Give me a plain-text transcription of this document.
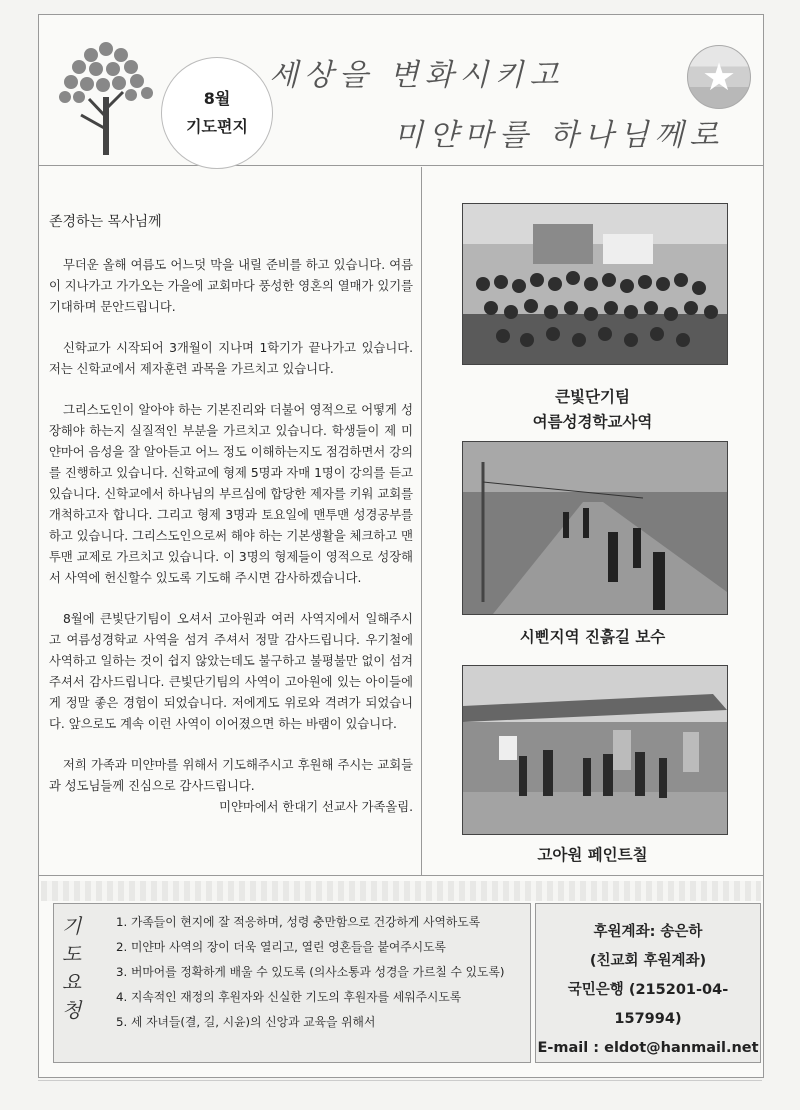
8월
기도편지
세상을 변화시키고
미얀마를 하나님께로
★

존경하는 목사님께

무더운 올해 여름도 어느덧 막을 내릴 준비를 하고 있습니다. 여름이 지나가고 가가오는 가을에 교회마다 풍성한 영혼의 열매가 있기를 기대하며 문안드립니다.

신학교가 시작되어 3개월이 지나며 1학기가 끝나가고 있습니다. 저는 신학교에서 제자훈련 과목을 가르치고 있습니다.

그리스도인이 알아야 하는 기본진리와 더불어 영적으로 어떻게 성장해야 하는지 실질적인 부분을 가르치고 있습니다. 학생들이 제 미얀마어 음성을 잘 알아듣고 어느 정도 이해하는지도 점검하면서 강의를 진행하고 있습니다. 신학교에 형제 5명과 자매 1명이 강의를 듣고 있습니다. 신학교에서 하나님의 부르심에 합당한 제자를 키워 교회를 개척하고자 합니다. 그리고 형제 3명과 토요일에 맨투맨 성경공부를 하고 있습니다. 그리스도인으로써 해야 하는 기본생활을 체크하고 맨투맨 교제로 가르치고 있습니다. 이 3명의 형제들이 영적으로 성장해서 사역에 헌신할수 있도록 기도해 주시면 감사하겠습니다.

8월에 큰빛단기팀이 오셔서 고아원과 여러 사역지에서 일해주시고 여름성경학교 사역을 섬겨 주셔서 정말 감사드립니다. 우기철에 사역하고 일하는 것이 쉽지 않았는데도 불구하고 불평불만 없이 섬겨주셔서 감사드립니다. 큰빛단기팀의 사역이 고아원에 있는 아이들에게 정말 좋은 경험이 되었습니다. 저에게도 위로와 격려가 되었습니다. 앞으로도 계속 이런 사역이 이어졌으면 하는 바램이 있습니다.

저희 가족과 미얀마를 위해서 기도해주시고 후원해 주시는 교회들과 성도님들께 진심으로 감사드립니다.

미얀마에서 한대기 선교사 가족올림.

큰빛단기팀
여름성경학교사역
시삔지역 진흙길 보수
고아원 페인트칠
기도 요청
1. 가족들이 현지에 잘 적응하며, 성령 충만함으로 건강하게 사역하도록
2. 미얀마 사역의 장이 더욱 열리고, 열린 영혼들을 붙여주시도록
3. 버마어를 정확하게 배울 수 있도록 (의사소통과 성경을 가르칠 수 있도록)
4. 지속적인 재정의 후원자와 신실한 기도의 후원자를 세워주시도록
5. 세 자녀들(결, 길, 시윤)의 신앙과 교육을 위해서
후원계좌: 송은하
(친교회 후원계좌)
국민은행 (215201-04-157994)
E-mail : eldot@hanmail.net
